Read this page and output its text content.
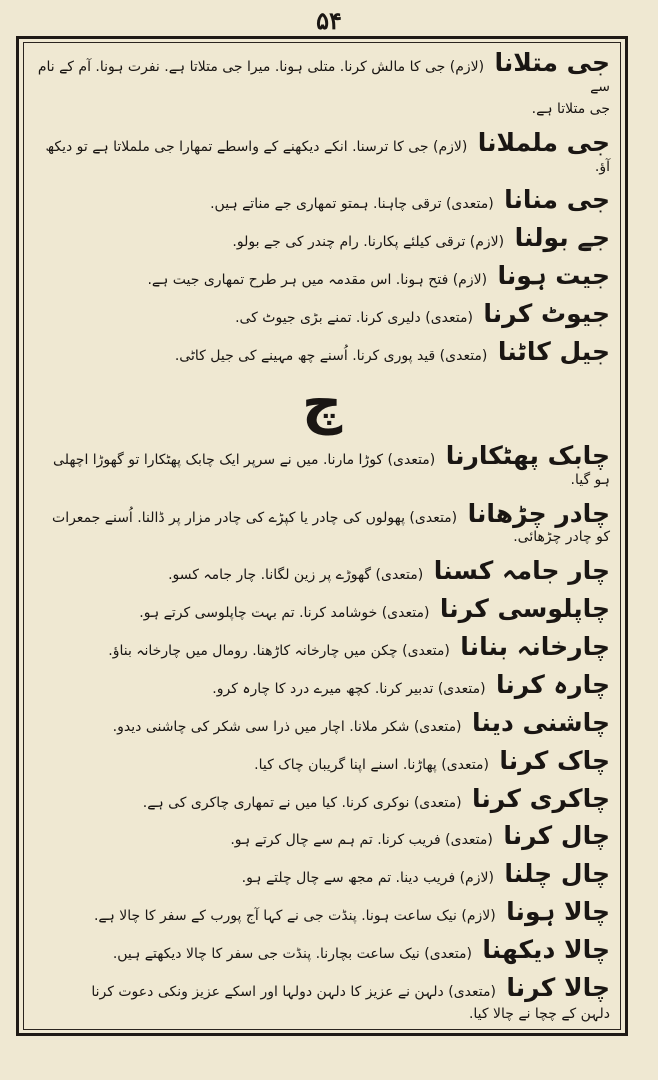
۵۴

جی متلانا (لازم) جی کا مالش کرنا. متلی ہونا. میرا جی متلاتا ہے. نفرت ہونا. آم کے نام سے
جی متلاتا ہے.

جی ململانا (لازم) جی کا ترسنا. انکے دیکھنے کے واسطے تمھارا جی ململاتا ہے تو دیکھ آؤ.

جی منانا (متعدی) ترقی چاہنا. ہمتو تمھاری جے مناتے ہیں.

جے بولنا (لازم) ترقی کیلئے پکارنا. رام چندر کی جے بولو.

جیت ہونا (لازم) فتح ہونا. اس مقدمہ میں ہر طرح تمھاری جیت ہے.

جیوٹ کرنا (متعدی) دلیری کرنا. تمنے بڑی جیوٹ کی.

جیل کاٹنا (متعدی) قید پوری کرنا. اُسنے چھ مہینے کی جیل کاٹی.

چ

چابک پھٹکارنا (متعدی) کوڑا مارنا. میں نے سرپر ایک چابک پھٹکارا تو گھوڑا اچھلی ہو گیا.

چادر چڑھانا (متعدی) پھولوں کی چادر یا کپڑے کی چادر مزار پر ڈالنا. اُسنے جمعرات کو چادر چڑھائی.

چار جامہ کسنا (متعدی) گھوڑے پر زین لگانا. چار جامہ کسو.

چاپلوسی کرنا (متعدی) خوشامد کرنا. تم بہت چاپلوسی کرتے ہو.

چارخانہ بنانا (متعدی) چکن میں چارخانہ کاڑھنا. رومال میں چارخانہ بناؤ.

چارہ کرنا (متعدی) تدبیر کرنا. کچھ میرے درد کا چارہ کرو.

چاشنی دینا (متعدی) شکر ملانا. اچار میں ذرا سی شکر کی چاشنی دیدو.

چاک کرنا (متعدی) پھاڑنا. اسنے اپنا گریبان چاک کیا.

چاکری کرنا (متعدی) نوکری کرنا. کیا میں نے تمھاری چاکری کی ہے.

چال کرنا (متعدی) فریب کرنا. تم ہم سے چال کرتے ہو.

چال چلنا (لازم) فریب دینا. تم مجھ سے چال چلتے ہو.

چالا ہونا (لازم) نیک ساعت ہونا. پنڈت جی نے کہا آج پورب کے سفر کا چالا ہے.

چالا دیکھنا (متعدی) نیک ساعت بچارنا. پنڈت جی سفر کا چالا دیکھتے ہیں.

چالا کرنا (متعدی) دلہن نے عزیز کا دلہن دولہا اور اسکے عزیز ونکی دعوت کرنا
دلہن کے چچا نے چالا کیا.
